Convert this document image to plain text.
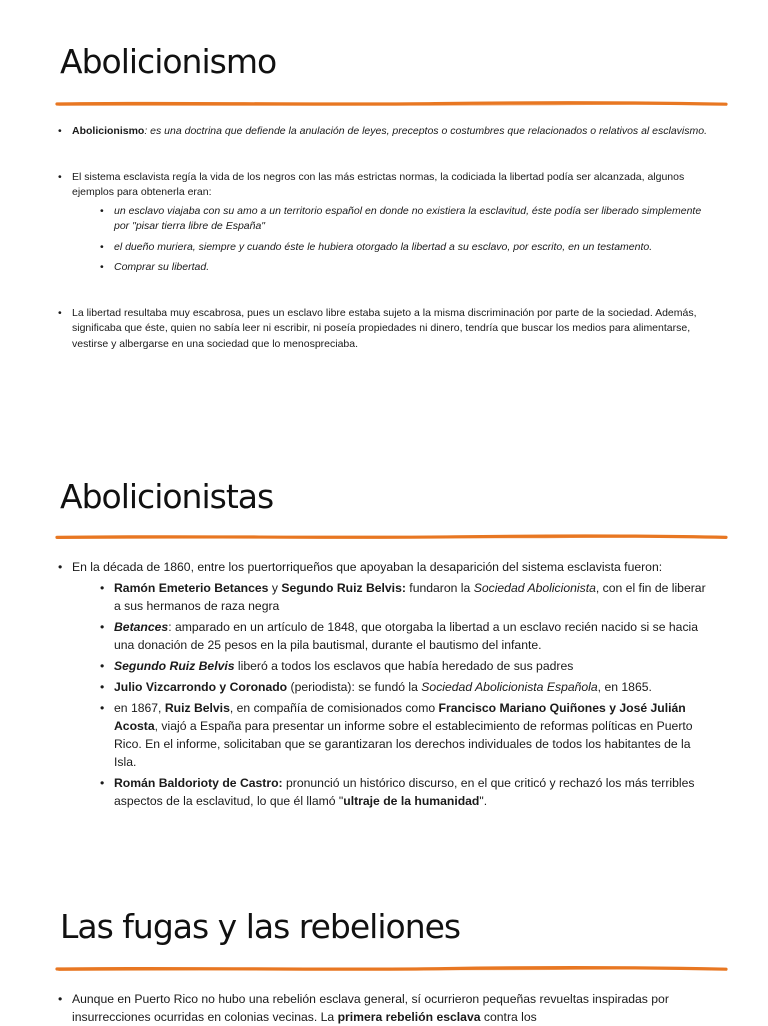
Abolicionismo
• Abolicionismo: es una doctrina que defiende la anulación de leyes, preceptos o costumbres que relacionados o relativos al esclavismo.
• El sistema esclavista regía la vida de los negros con las más estrictas normas, la codiciada la libertad podía ser alcanzada, algunos ejemplos para obtenerla eran:
• un esclavo viajaba con su amo a un territorio español en donde no existiera la esclavitud, éste podía ser liberado simplemente por "pisar tierra libre de España"
• el dueño muriera, siempre y cuando éste le hubiera otorgado la libertad a su esclavo, por escrito, en un testamento.
• Comprar su libertad.
• La libertad resultaba muy escabrosa, pues un esclavo libre estaba sujeto a la misma discriminación por parte de la sociedad. Además, significaba que éste, quien no sabía leer ni escribir, ni poseía propiedades ni dinero, tendría que buscar los medios para alimentarse, vestirse y albergarse en una sociedad que lo menospreciaba.
Abolicionistas
• En la década de 1860, entre los puertorriqueños que apoyaban la desaparición del sistema esclavista fueron:
• Ramón Emeterio Betances y Segundo Ruiz Belvis: fundaron la Sociedad Abolicionista, con el fin de liberar a sus hermanos de raza negra
• Betances: amparado en un artículo de 1848, que otorgaba la libertad a un esclavo recién nacido si se hacia una donación de 25 pesos en la pila bautismal, durante el bautismo del infante.
• Segundo Ruiz Belvis liberó a todos los esclavos que había heredado de sus padres
• Julio Vizcarrondo y Coronado (periodista): se fundó la Sociedad Abolicionista Española, en 1865.
• en 1867, Ruiz Belvis, en compañía de comisionados como Francisco Mariano Quiñones y José Julián Acosta, viajó a España para presentar un informe sobre el establecimiento de reformas políticas en Puerto Rico. En el informe, solicitaban que se garantizaran los derechos individuales de todos los habitantes de la Isla.
• Román Baldorioty de Castro: pronunció un histórico discurso, en el que criticó y rechazó los más terribles aspectos de la esclavitud, lo que él llamó "ultraje de la humanidad".
Las fugas y las rebeliones
• Aunque en Puerto Rico no hubo una rebelión esclava general, sí ocurrieron pequeñas revueltas inspiradas por insurrecciones ocurridas en colonias vecinas. La primera rebelión esclava contra los
